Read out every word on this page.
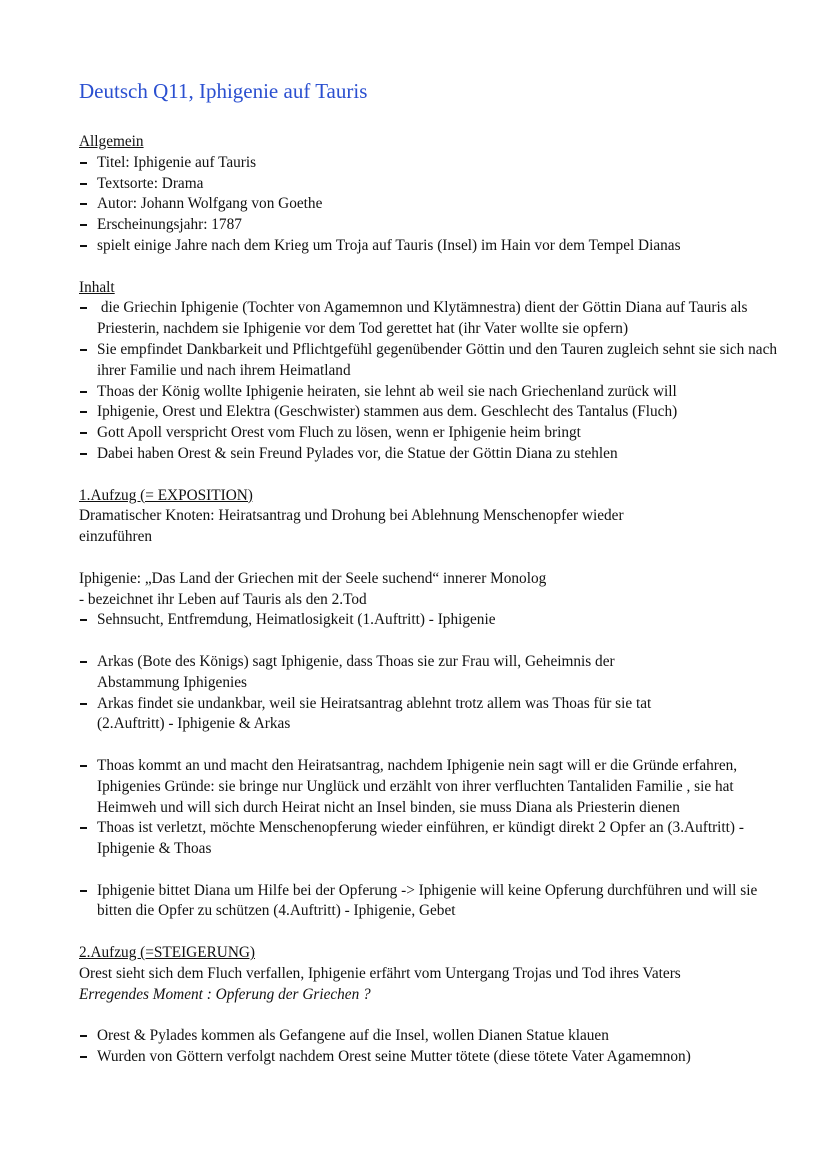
Deutsch Q11, Iphigenie auf Tauris

Allgemein

Titel: Iphigenie auf Tauris
Textsorte: Drama
Autor: Johann Wolfgang von Goethe
Erscheinungsjahr: 1787
spielt einige Jahre nach dem Krieg um Troja auf Tauris (Insel) im Hain vor dem Tempel Dianas

Inhalt

die Griechin Iphigenie (Tochter von Agamemnon und Klytämnestra) dient der Göttin Diana auf Tauris als Priesterin, nachdem sie Iphigenie vor dem Tod gerettet hat (ihr Vater wollte sie opfern)
Sie empfindet Dankbarkeit und Pflichtgefühl gegenübender Göttin und den Tauren zugleich sehnt sie sich nach ihrer Familie und nach ihrem Heimatland
Thoas der König wollte Iphigenie heiraten, sie lehnt ab weil sie nach Griechenland zurück will
Iphigenie, Orest und Elektra (Geschwister) stammen aus dem. Geschlecht des Tantalus (Fluch)
Gott Apoll verspricht Orest vom Fluch zu lösen, wenn er Iphigenie heim bringt
Dabei haben Orest & sein Freund Pylades vor, die Statue der Göttin Diana zu stehlen

1.Aufzug (= EXPOSITION)

Dramatischer Knoten: Heiratsantrag und Drohung bei Ablehnung Menschenopfer wieder einzuführen

Iphigenie: „Das Land der Griechen mit der Seele suchend“ innerer Monolog

- bezeichnet ihr Leben auf Tauris als den 2.Tod

Sehnsucht, Entfremdung, Heimatlosigkeit (1.Auftritt) - Iphigenie
Arkas (Bote des Königs) sagt Iphigenie, dass Thoas sie zur Frau will, Geheimnis der Abstammung Iphigenies
Arkas findet sie undankbar, weil sie Heiratsantrag ablehnt trotz allem was Thoas für sie tat (2.Auftritt) - Iphigenie & Arkas
Thoas kommt an und macht den Heiratsantrag, nachdem Iphigenie nein sagt will er die Gründe erfahren, Iphigenies Gründe: sie bringe nur Unglück und erzählt von ihrer verfluchten Tantaliden Familie , sie hat Heimweh und will sich durch Heirat nicht an Insel binden, sie muss Diana als Priesterin dienen
Thoas ist verletzt, möchte Menschenopferung wieder einführen, er kündigt direkt 2 Opfer an (3.Auftritt) - Iphigenie & Thoas
Iphigenie bittet Diana um Hilfe bei der Opferung -> Iphigenie will keine Opferung durchführen und will sie bitten die Opfer zu schützen (4.Auftritt) - Iphigenie, Gebet

2.Aufzug (=STEIGERUNG)

Orest sieht sich dem Fluch verfallen, Iphigenie erfährt vom Untergang Trojas und Tod ihres Vaters

Erregendes Moment : Opferung der Griechen ?

Orest & Pylades kommen als Gefangene auf die Insel, wollen Dianen Statue klauen
Wurden von Göttern verfolgt nachdem Orest seine Mutter tötete (diese tötete Vater Agamemnon)
